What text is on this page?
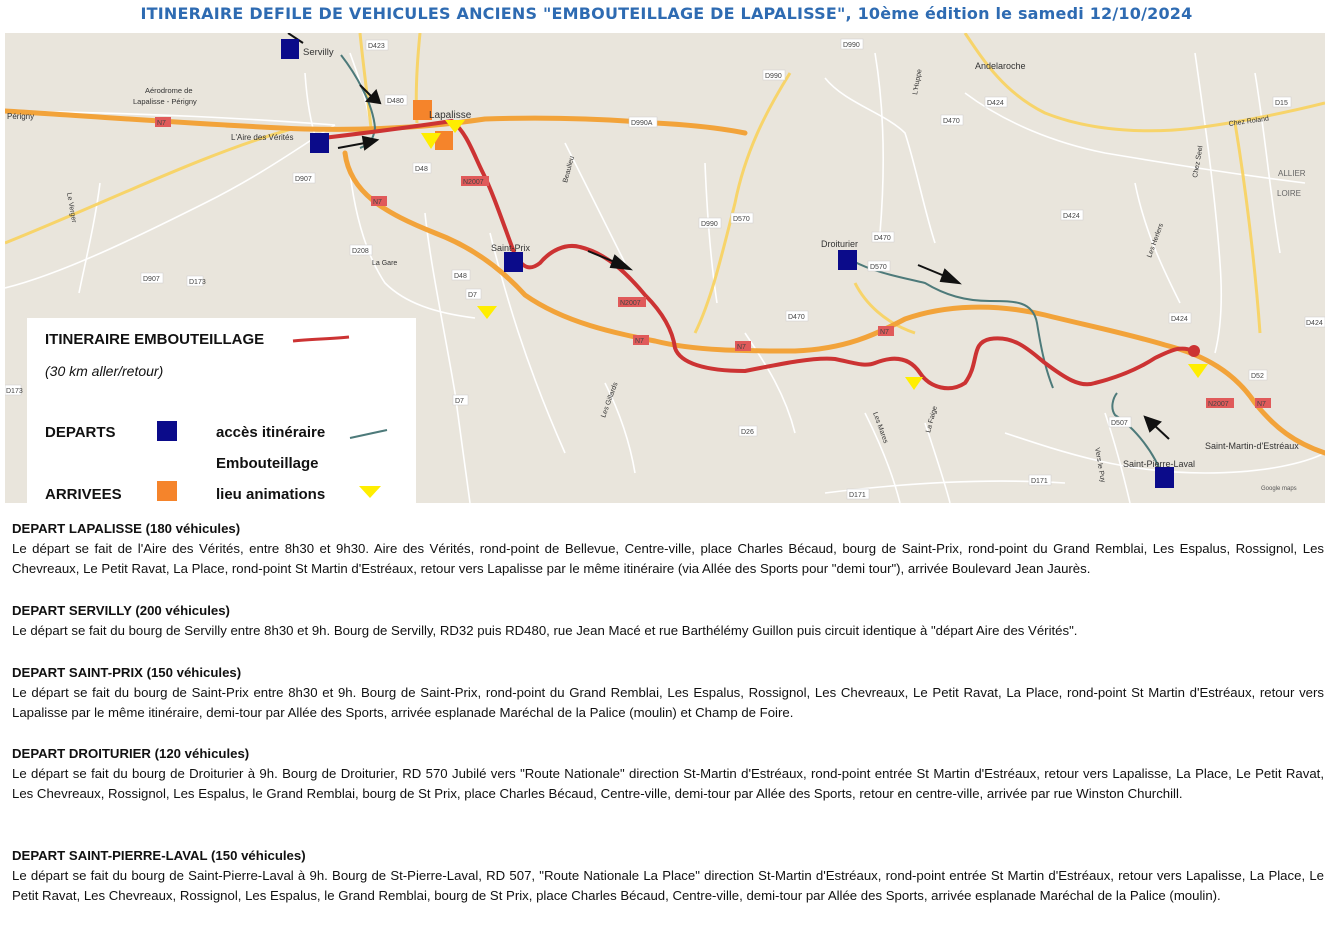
ITINERAIRE DEFILE DE VEHICULES ANCIENS "EMBOUTEILLAGE DE LAPALISSE", 10ème édition le samedi 12/10/2024
Servilly
Aérodrome de
Lapalisse - Périgny
Périgny
L'Aire des Vérités
Lapalisse
Saint-Prix	Droiturier
Andelaroche
Saint-Martin-d'Estréaux
Saint-Pierre-Laval
ALLIER
LOIRE
La Gare
Le Verger
Beaulieu
Chez Roland
Les Herlers
Les Gillards
Les Mares	La Faige
L'Huppe
Chez Seel
Vers le Puy
Google maps
D423	D990
D990
D424
D470
D15
N7
D480
D990A
D907
D48
N2007
D990
D570
D470
D570
D424
D208
D907	D48
D7
N7
D470
N7
D424
D52
N7
N7
N2007
N2007
D7
D26
D507
D171
D171
N7
D173
D173
D424
ITINERAIRE EMBOUTEILLAGE
(30 km aller/retour)
DEPARTS	accès itinéraire
Embouteillage
ARRIVEES	lieu animations
DEPART LAPALISSE (180 véhicules)
Le départ se fait de l'Aire des Vérités, entre 8h30 et 9h30. Aire des Vérités, rond-point de Bellevue, Centre-ville, place Charles Bécaud, bourg de Saint-Prix, rond-point du Grand Remblai, Les Espalus, Rossignol, Les Chevreaux, Le Petit Ravat, La Place, rond-point St Martin d'Estréaux, retour vers Lapalisse par le même itinéraire (via Allée des Sports pour "demi tour"), arrivée Boulevard Jean Jaurès.
DEPART SERVILLY (200 véhicules)
Le départ se fait du bourg de Servilly entre 8h30 et 9h. Bourg de Servilly, RD32 puis RD480, rue Jean Macé et rue Barthélémy Guillon puis circuit identique à "départ Aire des Vérités".
DEPART SAINT-PRIX (150 véhicules)
Le départ se fait du bourg de Saint-Prix entre 8h30 et 9h. Bourg de Saint-Prix, rond-point du Grand Remblai, Les Espalus, Rossignol, Les Chevreaux, Le Petit Ravat, La Place, rond-point St Martin d'Estréaux, retour vers Lapalisse par le même itinéraire, demi-tour par Allée des Sports, arrivée esplanade Maréchal de la Palice (moulin) et Champ de Foire.
DEPART DROITURIER (120 véhicules)
Le départ se fait du bourg de Droiturier à 9h. Bourg de Droiturier, RD 570 Jubilé vers "Route Nationale" direction St-Martin d'Estréaux, rond-point entrée St Martin d'Estréaux, retour vers Lapalisse, La Place, Le Petit Ravat, Les Chevreaux, Rossignol, Les Espalus, le Grand Remblai, bourg de St Prix, place Charles Bécaud, Centre-ville, demi-tour par Allée des Sports, retour en centre-ville, arrivée par rue Winston Churchill.
DEPART SAINT-PIERRE-LAVAL (150 véhicules)
Le départ se fait du bourg de Saint-Pierre-Laval à 9h. Bourg de St-Pierre-Laval, RD 507, "Route Nationale La Place" direction St-Martin d'Estréaux, rond-point entrée St Martin d'Estréaux, retour vers Lapalisse, La Place, Le Petit Ravat, Les Chevreaux, Rossignol, Les Espalus, le Grand Remblai, bourg de St Prix, place Charles Bécaud, Centre-ville, demi-tour par Allée des Sports, arrivée esplanade Maréchal de la Palice (moulin).
